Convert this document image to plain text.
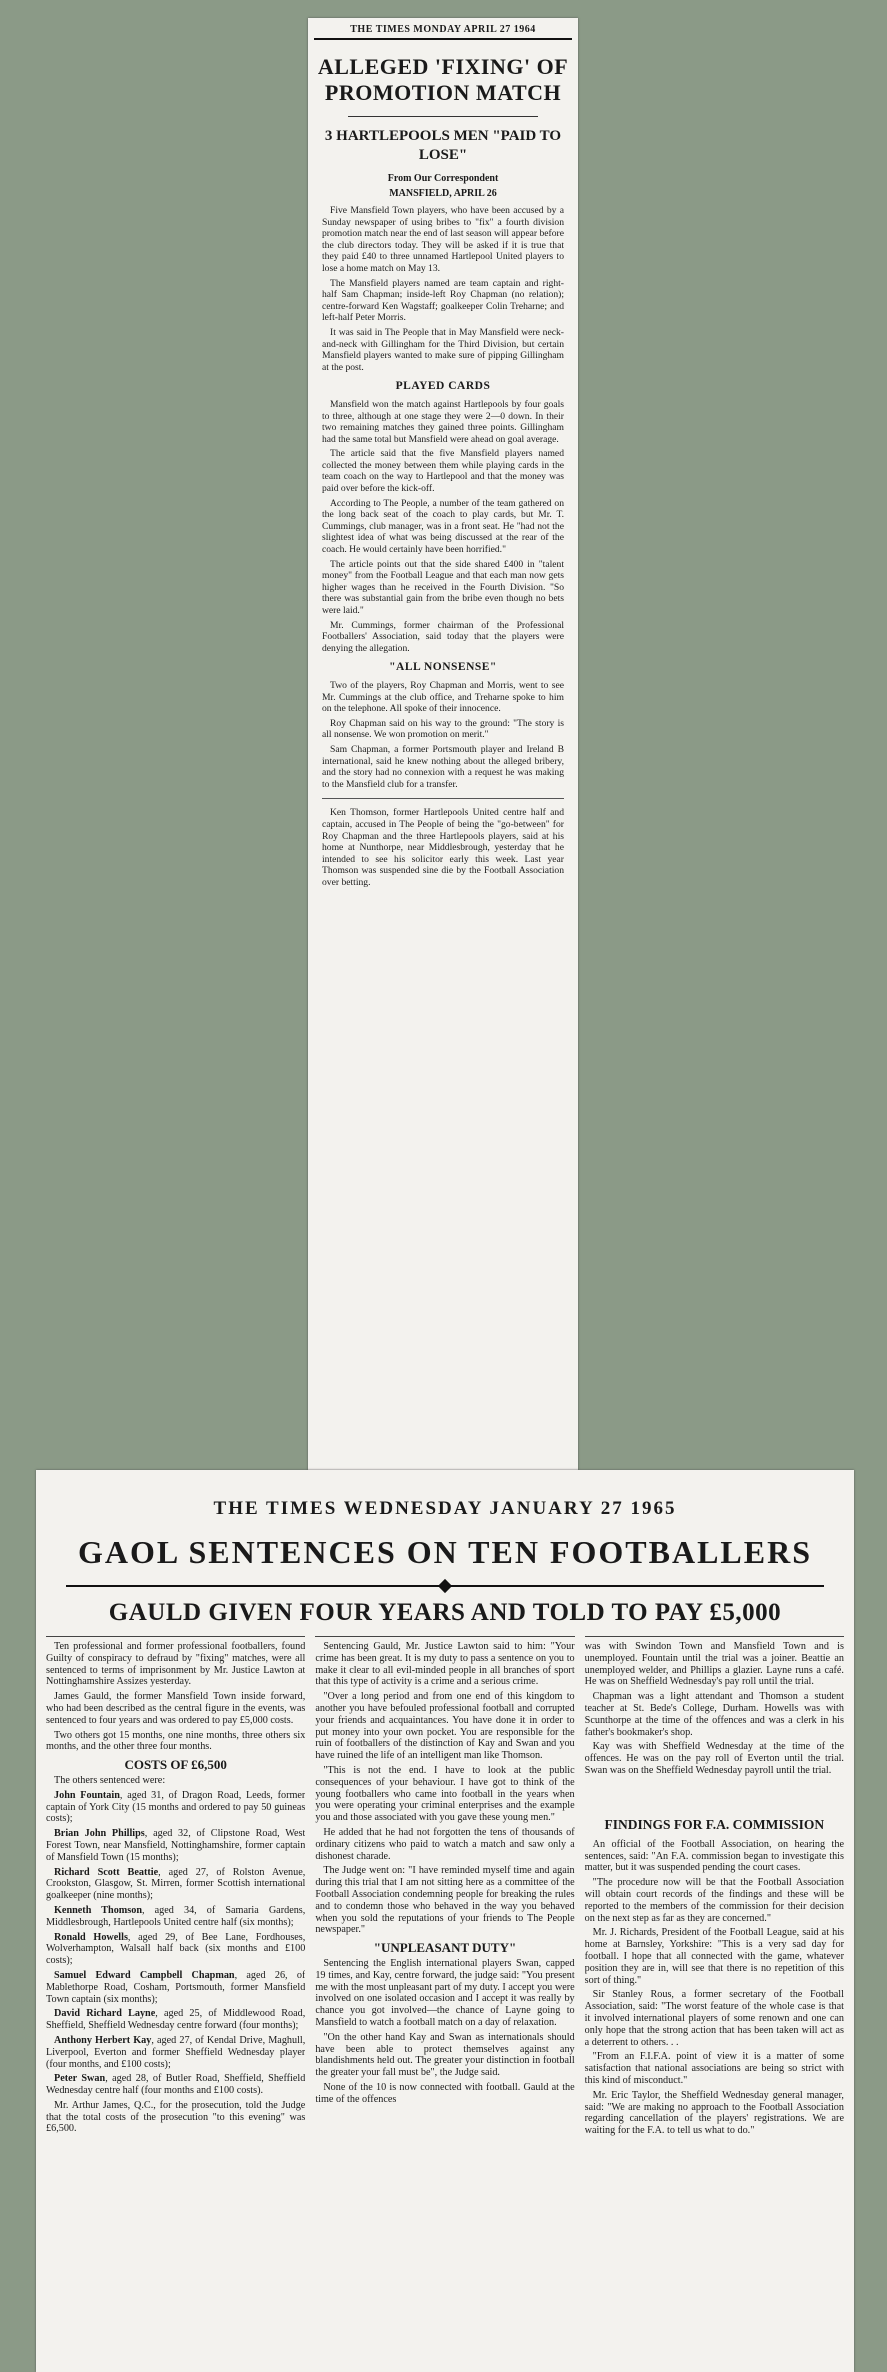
THE TIMES MONDAY APRIL 27 1964
ALLEGED 'FIXING' OF PROMOTION MATCH
3 HARTLEPOOLS MEN "PAID TO LOSE"
From Our Correspondent
MANSFIELD, APRIL 26

Five Mansfield Town players, who have been accused by a Sunday newspaper of using bribes to "fix" a fourth division promotion match near the end of last season will appear before the club directors today. They will be asked if it is true that they paid £40 to three unnamed Hartlepool United players to lose a home match on May 13.

The Mansfield players named are team captain and right-half Sam Chapman; inside-left Roy Chapman (no relation); centre-forward Ken Wagstaff; goalkeeper Colin Treharne; and left-half Peter Morris.

It was said in The People that in May Mansfield were neck-and-neck with Gillingham for the Third Division, but certain Mansfield players wanted to make sure of pipping Gillingham at the post.

PLAYED CARDS

Mansfield won the match against Hartlepools by four goals to three, although at one stage they were 2—0 down. In their two remaining matches they gained three points. Gillingham had the same total but Mansfield were ahead on goal average.

The article said that the five Mansfield players named collected the money between them while playing cards in the team coach on the way to Hartlepool and that the money was paid over before the kick-off.

According to The People, a number of the team gathered on the long back seat of the coach to play cards, but Mr. T. Cummings, club manager, was in a front seat. He "had not the slightest idea of what was being discussed at the rear of the coach. He would certainly have been horrified."

The article points out that the side shared £400 in "talent money" from the Football League and that each man now gets higher wages than he received in the Fourth Division. "So there was substantial gain from the bribe even though no bets were laid."

Mr. Cummings, former chairman of the Professional Footballers' Association, said today that the players were denying the allegation.

"ALL NONSENSE"

Two of the players, Roy Chapman and Morris, went to see Mr. Cummings at the club office, and Treharne spoke to him on the telephone. All spoke of their innocence.

Roy Chapman said on his way to the ground: "The story is all nonsense. We won promotion on merit."

Sam Chapman, a former Portsmouth player and Ireland B international, said he knew nothing about the alleged bribery, and the story had no connexion with a request he was making to the Mansfield club for a transfer.

Ken Thomson, former Hartlepools United centre half and captain, accused in The People of being the "go-between" for Roy Chapman and the three Hartlepools players, said at his home at Nunthorpe, near Middlesbrough, yesterday that he intended to see his solicitor early this week. Last year Thomson was suspended sine die by the Football Association over betting.

THE TIMES WEDNESDAY JANUARY 27 1965
GAOL SENTENCES ON TEN FOOTBALLERS
GAULD GIVEN FOUR YEARS AND TOLD TO PAY £5,000

Ten professional and former professional footballers, found Guilty of conspiracy to defraud by "fixing" matches, were all sentenced to terms of imprisonment by Mr. Justice Lawton at Nottinghamshire Assizes yesterday.

James Gauld, the former Mansfield Town inside forward, who had been described as the central figure in the events, was sentenced to four years and was ordered to pay £5,000 costs.

Two others got 15 months, one nine months, three others six months, and the other three four months.

COSTS OF £6,500

The others sentenced were:

John Fountain, aged 31, of Dragon Road, Leeds, former captain of York City (15 months and ordered to pay 50 guineas costs);

Brian John Phillips, aged 32, of Clipstone Road, West Forest Town, near Mansfield, Nottinghamshire, former captain of Mansfield Town (15 months);

Richard Scott Beattie, aged 27, of Rolston Avenue, Crookston, Glasgow, St. Mirren, former Scottish international goalkeeper (nine months);

Kenneth Thomson, aged 34, of Samaria Gardens, Middlesbrough, Hartlepools United centre half (six months);

Ronald Howells, aged 29, of Bee Lane, Fordhouses, Wolverhampton, Walsall half back (six months and £100 costs);

Samuel Edward Campbell Chapman, aged 26, of Mablethorpe Road, Cosham, Portsmouth, former Mansfield Town captain (six months);

David Richard Layne, aged 25, of Middlewood Road, Sheffield, Sheffield Wednesday centre forward (four months);

Anthony Herbert Kay, aged 27, of Kendal Drive, Maghull, Liverpool, Everton and former Sheffield Wednesday player (four months, and £100 costs);

Peter Swan, aged 28, of Butler Road, Sheffield, Sheffield Wednesday centre half (four months and £100 costs).

Mr. Arthur James, Q.C., for the prosecution, told the Judge that the total costs of the prosecution "to this evening" was £6,500.

Sentencing Gauld, Mr. Justice Lawton said to him: "Your crime has been great. It is my duty to pass a sentence on you to make it clear to all evil-minded people in all branches of sport that this type of activity is a crime and a serious crime.

"Over a long period and from one end of this kingdom to another you have befouled professional football and corrupted your friends and acquaintances. You have done it in order to put money into your own pocket. You are responsible for the ruin of footballers of the distinction of Kay and Swan and you have ruined the life of an intelligent man like Thomson.

"This is not the end. I have to look at the public consequences of your behaviour. I have got to think of the young footballers who came into football in the years when you were operating your criminal enterprises and the example you and those associated with you gave these young men."

He added that he had not forgotten the tens of thousands of ordinary citizens who paid to watch a match and saw only a dishonest charade.

The Judge went on: "I have reminded myself time and again during this trial that I am not sitting here as a committee of the Football Association condemning people for breaking the rules and to condemn those who behaved in the way you behaved when you sold the reputations of your friends to The People newspaper."

"UNPLEASANT DUTY"

Sentencing the English international players Swan, capped 19 times, and Kay, centre forward, the judge said: "You present me with the most unpleasant part of my duty. I accept you were involved on one isolated occasion and I accept it was really by chance you got involved—the chance of Layne going to Mansfield to watch a football match on a day of relaxation.

"On the other hand Kay and Swan as internationals should have been able to protect themselves against any blandishments held out. The greater your distinction in football the greater your fall must be", the Judge said.

None of the 10 is now connected with football. Gauld at the time of the offences

was with Swindon Town and Mansfield Town and is unemployed. Fountain until the trial was a joiner. Beattie an unemployed welder, and Phillips a glazier. Layne runs a café. He was on Sheffield Wednesday's pay roll until the trial.

Chapman was a light attendant and Thomson a student teacher at St. Bede's College, Durham. Howells was with Scunthorpe at the time of the offences and was a clerk in his father's bookmaker's shop.

Kay was with Sheffield Wednesday at the time of the offences. He was on the pay roll of Everton until the trial. Swan was on the Sheffield Wednesday payroll until the trial.

FINDINGS FOR F.A. COMMISSION

An official of the Football Association, on hearing the sentences, said: "An F.A. commission began to investigate this matter, but it was suspended pending the court cases.

"The procedure now will be that the Football Association will obtain court records of the findings and these will be reported to the members of the commission for their decision on the next step as far as they are concerned."

Mr. J. Richards, President of the Football League, said at his home at Barnsley, Yorkshire: "This is a very sad day for football. I hope that all connected with the game, whatever position they are in, will see that there is no repetition of this sort of thing."

Sir Stanley Rous, a former secretary of the Football Association, said: "The worst feature of the whole case is that it involved international players of some renown and one can only hope that the strong action that has been taken will act as a deterrent to others. . .

"From an F.I.F.A. point of view it is a matter of some satisfaction that national associations are being so strict with this kind of misconduct."

Mr. Eric Taylor, the Sheffield Wednesday general manager, said: "We are making no approach to the Football Association regarding cancellation of the players' registrations. We are waiting for the F.A. to tell us what to do."
